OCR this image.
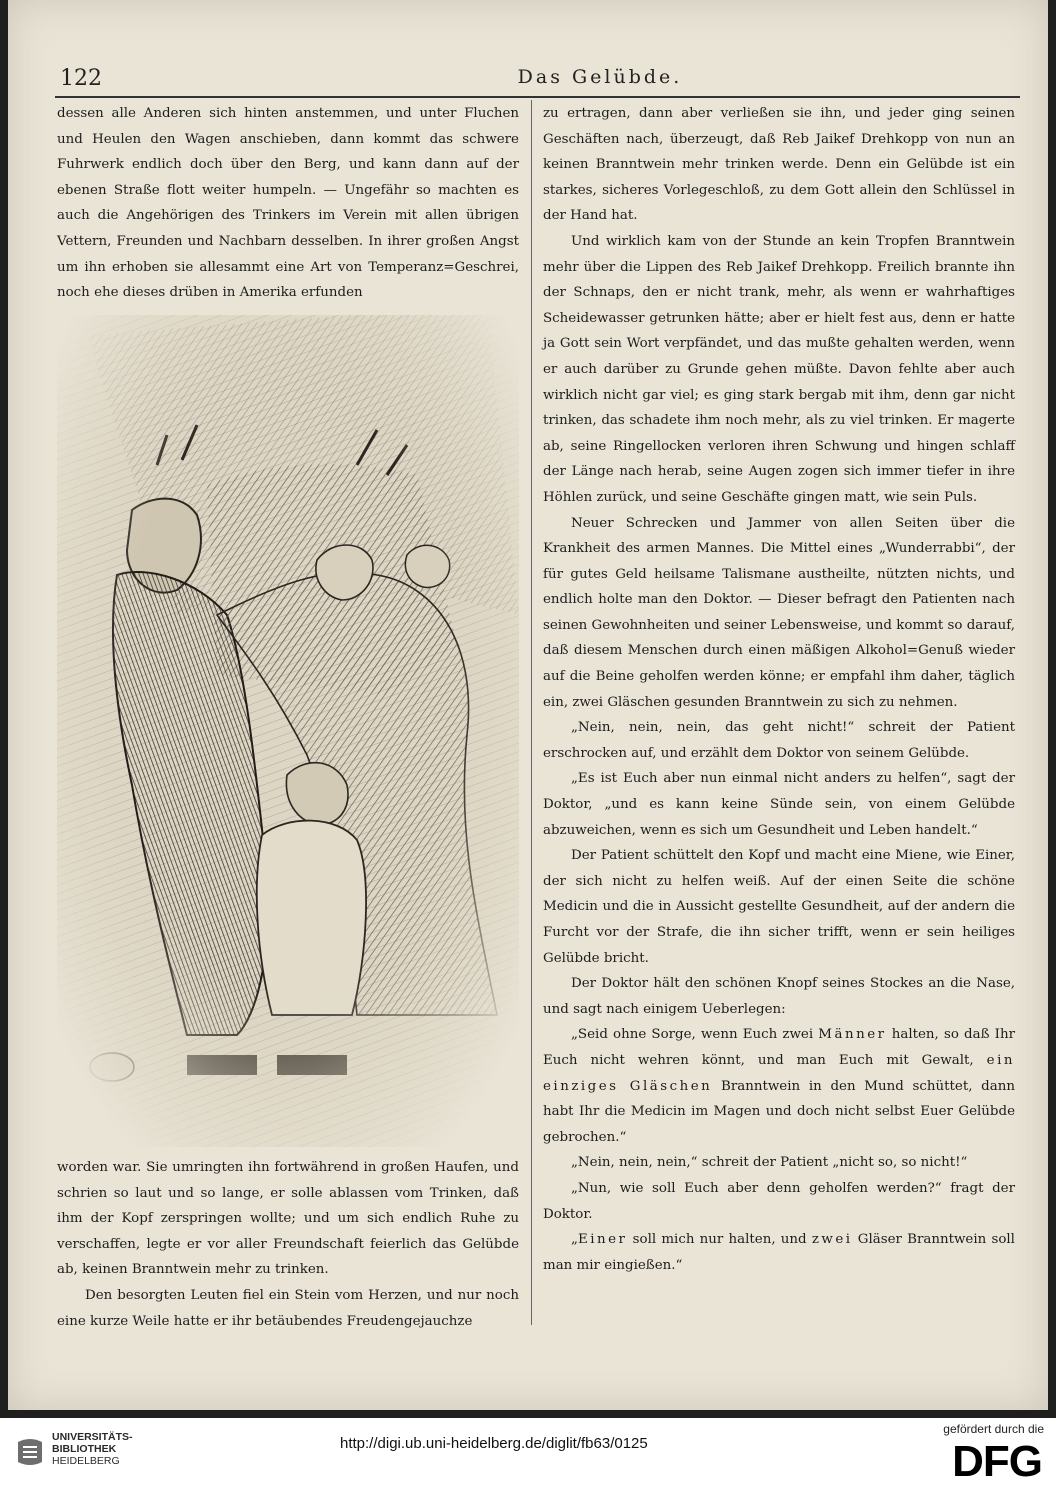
122	Das Gelübde.

dessen alle Anderen sich hinten anstemmen, und unter Fluchen und Heulen den Wagen anschieben, dann kommt das schwere Fuhrwerk endlich doch über den Berg, und kann dann auf der ebenen Straße flott weiter humpeln. — Ungefähr so machten es auch die Angehörigen des Trinkers im Verein mit allen übrigen Vettern, Freunden und Nachbarn desselben. In ihrer großen Angst um ihn erhoben sie allesammt eine Art von Temperanz=Geschrei, noch ehe dieses drüben in Amerika erfunden

worden war. Sie umringten ihn fortwährend in großen Haufen, und schrien so laut und so lange, er solle ablassen vom Trinken, daß ihm der Kopf zerspringen wollte; und um sich endlich Ruhe zu verschaffen, legte er vor aller Freundschaft feierlich das Gelübde ab, keinen Branntwein mehr zu trinken.

Den besorgten Leuten fiel ein Stein vom Herzen, und nur noch eine kurze Weile hatte er ihr betäubendes Freudengejauchze

zu ertragen, dann aber verließen sie ihn, und jeder ging seinen Geschäften nach, überzeugt, daß Reb Jaikef Drehkopp von nun an keinen Branntwein mehr trinken werde. Denn ein Gelübde ist ein starkes, sicheres Vorlegeschloß, zu dem Gott allein den Schlüssel in der Hand hat.

Und wirklich kam von der Stunde an kein Tropfen Branntwein mehr über die Lippen des Reb Jaikef Drehkopp. Freilich brannte ihn der Schnaps, den er nicht trank, mehr, als wenn er wahrhaftiges Scheidewasser getrunken hätte; aber er hielt fest aus, denn er hatte ja Gott sein Wort verpfändet, und das mußte gehalten werden, wenn er auch darüber zu Grunde gehen müßte. Davon fehlte aber auch wirklich nicht gar viel; es ging stark bergab mit ihm, denn gar nicht trinken, das schadete ihm noch mehr, als zu viel trinken. Er magerte ab, seine Ringellocken verloren ihren Schwung und hingen schlaff der Länge nach herab, seine Augen zogen sich immer tiefer in ihre Höhlen zurück, und seine Geschäfte gingen matt, wie sein Puls.

Neuer Schrecken und Jammer von allen Seiten über die Krankheit des armen Mannes. Die Mittel eines „Wunderrabbi“, der für gutes Geld heilsame Talismane austheilte, nützten nichts, und endlich holte man den Doktor. — Dieser befragt den Patienten nach seinen Gewohnheiten und seiner Lebensweise, und kommt so darauf, daß diesem Menschen durch einen mäßigen Alkohol=Genuß wieder auf die Beine geholfen werden könne; er empfahl ihm daher, täglich ein, zwei Gläschen gesunden Branntwein zu sich zu nehmen.

„Nein, nein, nein, das geht nicht!“ schreit der Patient erschrocken auf, und erzählt dem Doktor von seinem Gelübde.

„Es ist Euch aber nun einmal nicht anders zu helfen“, sagt der Doktor, „und es kann keine Sünde sein, von einem Gelübde abzuweichen, wenn es sich um Gesundheit und Leben handelt.“

Der Patient schüttelt den Kopf und macht eine Miene, wie Einer, der sich nicht zu helfen weiß. Auf der einen Seite die schöne Medicin und die in Aussicht gestellte Gesundheit, auf der andern die Furcht vor der Strafe, die ihn sicher trifft, wenn er sein heiliges Gelübde bricht.

Der Doktor hält den schönen Knopf seines Stockes an die Nase, und sagt nach einigem Ueberlegen:

„Seid ohne Sorge, wenn Euch zwei Männer halten, so daß Ihr Euch nicht wehren könnt, und man Euch mit Gewalt, ein einziges Gläschen Branntwein in den Mund schüttet, dann habt Ihr die Medicin im Magen und doch nicht selbst Euer Gelübde gebrochen.“

„Nein, nein, nein,“ schreit der Patient „nicht so, so nicht!“

„Nun, wie soll Euch aber denn geholfen werden?“ fragt der Doktor.

„Einer soll mich nur halten, und zwei Gläser Branntwein soll man mir eingießen.“

UNIVERSITÄTS-
BIBLIOTHEK
HEIDELBERG
http://digi.ub.uni-heidelberg.de/diglit/fb63/0125
gefördert durch die
DFG
